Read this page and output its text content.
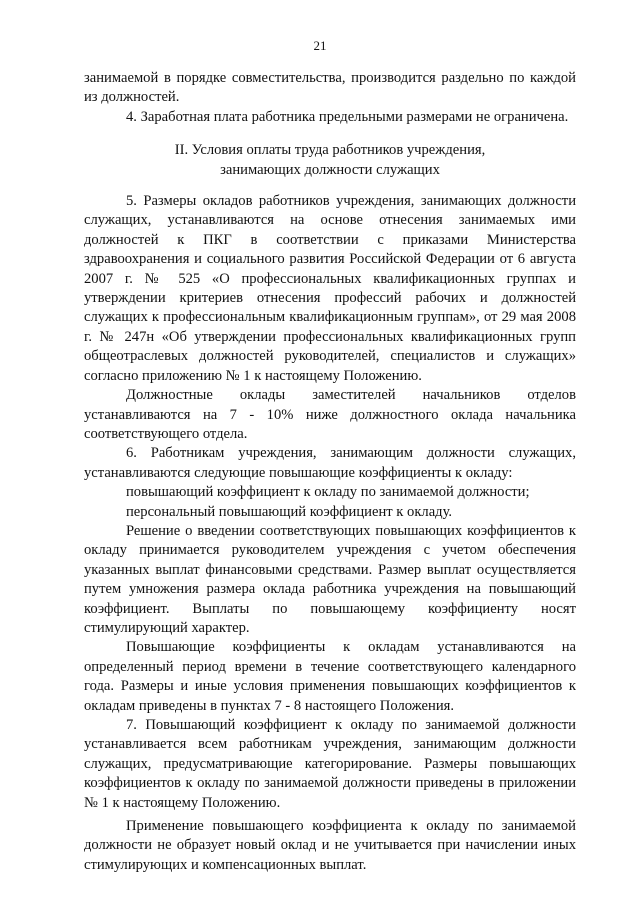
21

занимаемой в порядке совместительства, производится раздельно по каждой из должностей.

4. Заработная плата работника предельными размерами не ограничена.

II. Условия оплаты труда работников учреждения,
занимающих должности служащих

5. Размеры окладов работников учреждения, занимающих должности служащих, устанавливаются на основе отнесения занимаемых ими должностей к ПКГ в соответствии с приказами Министерства здравоохранения и социального развития Российской Федерации от 6 августа 2007 г. № 525 «О профессиональных квалификационных группах и утверждении критериев отнесения профессий рабочих и должностей служащих к профессиональным квалификационным группам», от 29 мая 2008 г. № 247н «Об утверждении профессиональных квалификационных групп общеотраслевых должностей руководителей, специалистов и служащих» согласно приложению № 1 к настоящему Положению.

Должностные оклады заместителей начальников отделов устанавливаются на 7 - 10% ниже должностного оклада начальника соответствующего отдела.

6. Работникам учреждения, занимающим должности служащих, устанавливаются следующие повышающие коэффициенты к окладу:

повышающий коэффициент к окладу по занимаемой должности;

персональный повышающий коэффициент к окладу.

Решение о введении соответствующих повышающих коэффициентов к окладу принимается руководителем учреждения с учетом обеспечения указанных выплат финансовыми средствами. Размер выплат осуществляется путем умножения размера оклада работника учреждения на повышающий коэффициент. Выплаты по повышающему коэффициенту носят стимулирующий характер.

Повышающие коэффициенты к окладам устанавливаются на определенный период времени в течение соответствующего календарного года. Размеры и иные условия применения повышающих коэффициентов к окладам приведены в пунктах 7 - 8 настоящего Положения.

7. Повышающий коэффициент к окладу по занимаемой должности устанавливается всем работникам учреждения, занимающим должности служащих, предусматривающие категорирование. Размеры повышающих коэффициентов к окладу по занимаемой должности приведены в приложении № 1 к настоящему Положению.

Применение повышающего коэффициента к окладу по занимаемой должности не образует новый оклад и не учитывается при начислении иных стимулирующих и компенсационных выплат.
